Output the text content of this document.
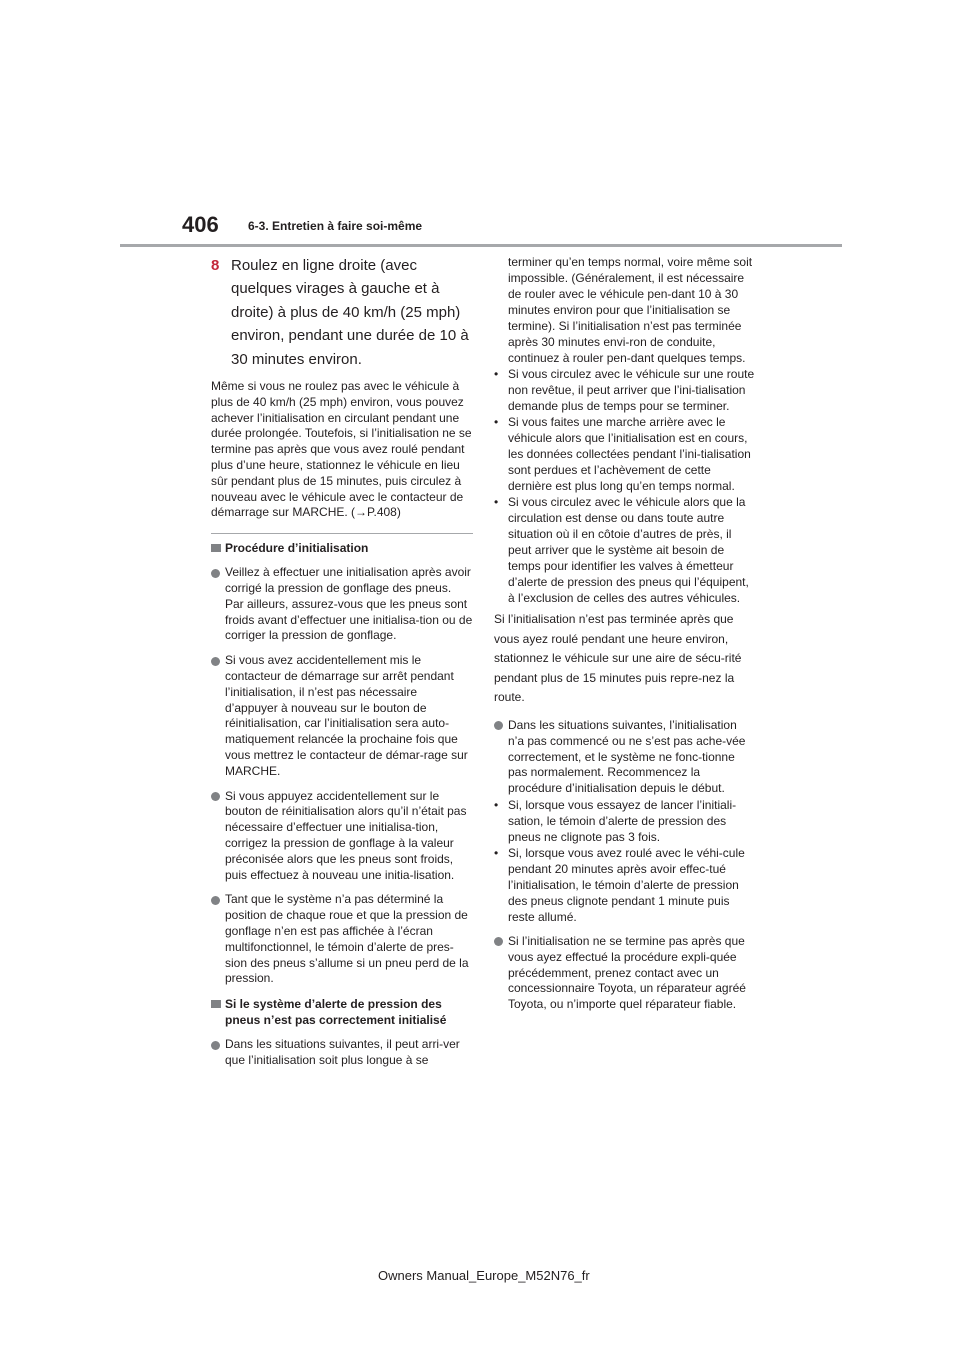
406 6-3. Entretien à faire soi-même
8 Roulez en ligne droite (avec quelques virages à gauche et à droite) à plus de 40 km/h (25 mph) environ, pendant une durée de 10 à 30 minutes environ.

Même si vous ne roulez pas avec le véhicule à plus de 40 km/h (25 mph) environ, vous pouvez achever l’initialisation en circulant pendant une durée prolongée. Toutefois, si l’initialisation ne se termine pas après que vous avez roulé pendant plus d’une heure, stationnez le véhicule en lieu sûr pendant plus de 15 minutes, puis circulez à nouveau avec le véhicule avec le contacteur de démarrage sur MARCHE. (→P.408)

Procédure d’initialisation
Veillez à effectuer une initialisation après avoir corrigé la pression de gonflage des pneus.
Par ailleurs, assurez-vous que les pneus sont froids avant d’effectuer une initialisa-tion ou de corriger la pression de gonflage.
Si vous avez accidentellement mis le contacteur de démarrage sur arrêt pendant l’initialisation, il n’est pas nécessaire d’appuyer à nouveau sur le bouton de réinitialisation, car l’initialisation sera auto-matiquement relancée la prochaine fois que vous mettrez le contacteur de démar-rage sur MARCHE.
Si vous appuyez accidentellement sur le bouton de réinitialisation alors qu’il n’était pas nécessaire d’effectuer une initialisa-tion, corrigez la pression de gonflage à la valeur préconisée alors que les pneus sont froids, puis effectuez à nouveau une initia-lisation.
Tant que le système n’a pas déterminé la position de chaque roue et que la pression de gonflage n’en est pas affichée à l’écran multifonctionnel, le témoin d’alerte de pres-sion des pneus s’allume si un pneu perd de la pression.
Si le système d’alerte de pression des pneus n’est pas correctement initialisé
Dans les situations suivantes, il peut arri-ver que l’initialisation soit plus longue à se
terminer qu’en temps normal, voire même soit impossible. (Généralement, il est nécessaire de rouler avec le véhicule pen-dant 10 à 30 minutes environ pour que l’initialisation se termine). Si l’initialisation n’est pas terminée après 30 minutes envi-ron de conduite, continuez à rouler pen-dant quelques temps.
• Si vous circulez avec le véhicule sur une route non revêtue, il peut arriver que l’ini-tialisation demande plus de temps pour se terminer.
• Si vous faites une marche arrière avec le véhicule alors que l’initialisation est en cours, les données collectées pendant l’ini-tialisation sont perdues et l’achèvement de cette dernière est plus long qu’en temps normal.
• Si vous circulez avec le véhicule alors que la circulation est dense ou dans toute autre situation où il en côtoie d’autres de près, il peut arriver que le système ait besoin de temps pour identifier les valves à émetteur d’alerte de pression des pneus qui l’équipent, à l’exclusion de celles des autres véhicules.

Si l’initialisation n’est pas terminée après que vous ayez roulé pendant une heure environ, stationnez le véhicule sur une aire de sécu-rité pendant plus de 15 minutes puis repre-nez la route.

Dans les situations suivantes, l’initialisation n’a pas commencé ou ne s’est pas ache-vée correctement, et le système ne fonc-tionne pas normalement. Recommencez la procédure d’initialisation depuis le début.
• Si, lorsque vous essayez de lancer l’initiali-sation, le témoin d’alerte de pression des pneus ne clignote pas 3 fois.
• Si, lorsque vous avez roulé avec le véhi-cule pendant 20 minutes après avoir effec-tué l’initialisation, le témoin d’alerte de pression des pneus clignote pendant 1 minute puis reste allumé.
Si l’initialisation ne se termine pas après que vous ayez effectué la procédure expli-quée précédemment, prenez contact avec un concessionnaire Toyota, un réparateur agréé Toyota, ou n’importe quel réparateur fiable.
Owners Manual_Europe_M52N76_fr
